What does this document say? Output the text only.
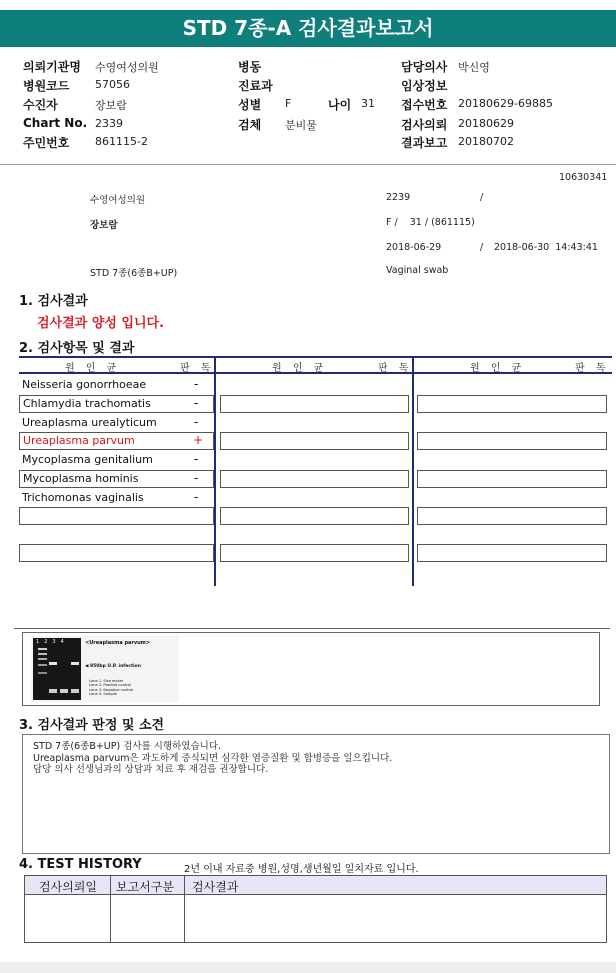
STD 7종-A 검사결과보고서
의뢰기관명 수영여성의원
병원코드 57056
수진자	장보람
Chart No. 2339
주민번호 861115-2
병동
진료과
성별 F	나이 31
검체 분비물
담당의사 박신영
임상정보
접수번호 20180629-69885
검사의뢰 20180629
결과보고 20180702
10630341
수영여성의원	2239	/
장보람	F /    31 / (861115)
2018-06-29	/ 2018-06-30  14:43:41
STD 7종(6종B+UP)	Vaginal swab
1. 검사결과
검사결과 양성 입니다.
2. 검사항목 및 결과
원 인 균	판 독	원 인 균	판 독	원 인 균	판 독
Neisseria gonorrhoeae	-
Chlamydia trachomatis	-
Ureaplasma urealyticum	-
Ureaplasma parvum	+
Mycoplasma genitalium	-
Mycoplasma hominis	-
Trichomonas vaginalis	-
1234	<Ureaplasma parvum>
◀ 850bp U.P. infection
Lane 1. Size maker
Lane 2. Positive control
Lane 3. Negative control
Lane 4. Sample
3. 검사결과 판정 및 소견
STD 7종(6종B+UP) 검사를 시행하였습니다.
Ureaplasma parvum은 과도하게 증식되면 심각한 염증질환 및 합병증을 일으킵니다.
담당 의사 선생님과의 상담과 치료 후 재검을 권장합니다.
4. TEST HISTORY	2년 이내 자료중 병원,성명,생년월일 일치자료 입니다.
검사의뢰일 보고서구분 검사결과
